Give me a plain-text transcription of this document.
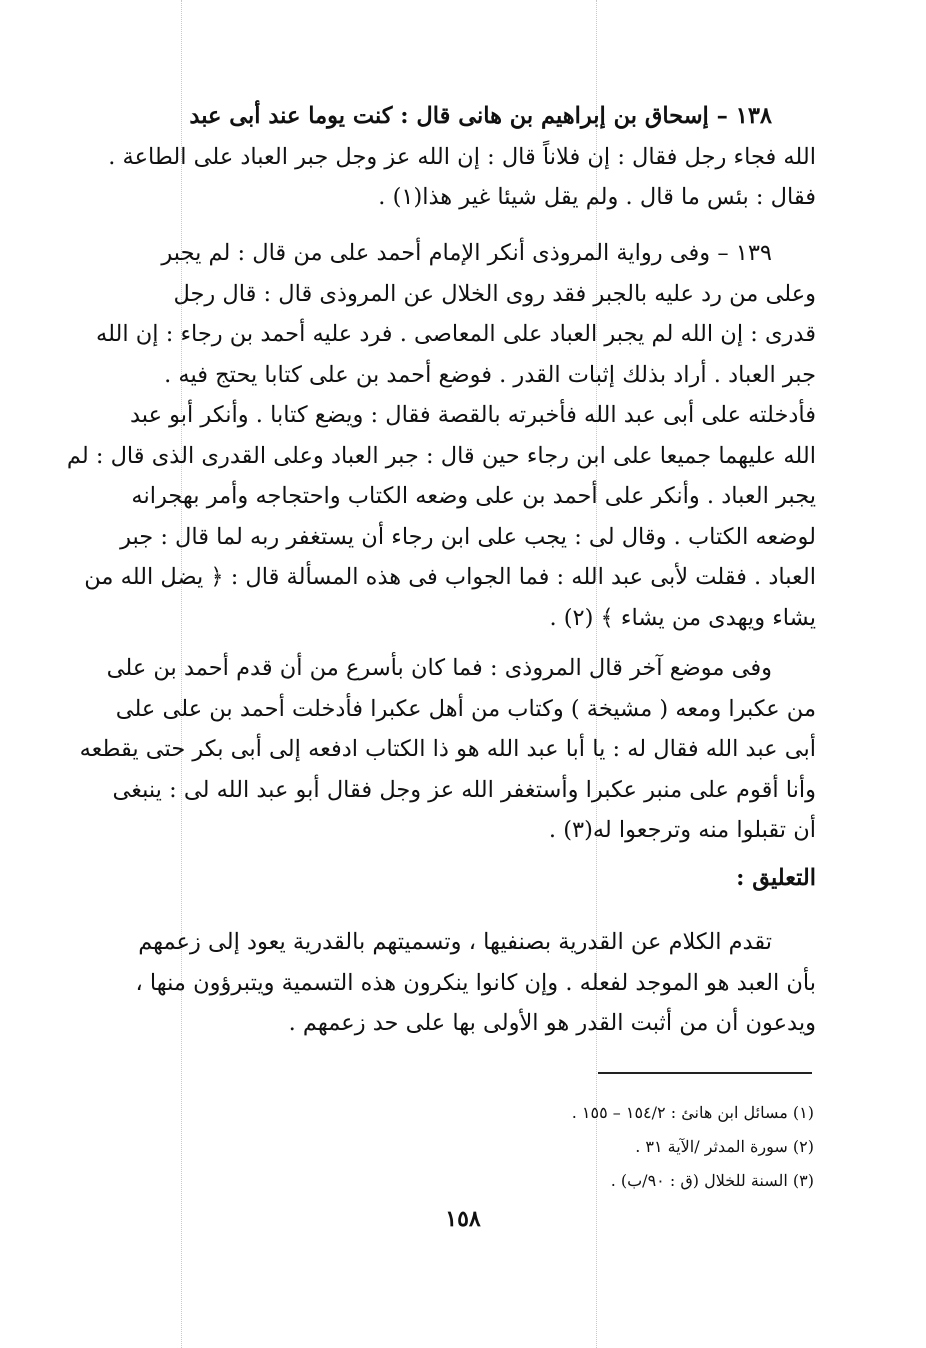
١٣٨ – إسحاق بن إبراهيم بن هانى قال : كنت يوما عند أبى عبد
الله فجاء رجل فقال : إن فلاناً قال : إن الله عز وجل جبر العباد على الطاعة .
فقال : بئس ما قال . ولم يقل شيئا غير هذا(١) .
١٣٩ – وفى رواية المروذى أنكر الإمام أحمد على من قال : لم يجبر
وعلى من رد عليه بالجبر فقد روى الخلال عن المروذى قال : قال رجل
قدرى : إن الله لم يجبر العباد على المعاصى . فرد عليه أحمد بن رجاء : إن الله
جبر العباد . أراد بذلك إثبات القدر . فوضع أحمد بن على كتابا يحتج فيه .
فأدخلته على أبى عبد الله فأخبرته بالقصة فقال : ويضع كتابا . وأنكر أبو عبد
الله عليهما جميعا على ابن رجاء حين قال : جبر العباد وعلى القدرى الذى قال : لم
يجبر العباد . وأنكر على أحمد بن على وضعه الكتاب واحتجاجه وأمر بهجرانه
لوضعه الكتاب . وقال لى : يجب على ابن رجاء أن يستغفر ربه لما قال : جبر
العباد . فقلت لأبى عبد الله : فما الجواب فى هذه المسألة قال : ﴿ يضل الله من
يشاء ويهدى من يشاء ﴾ (٢) .
وفى موضع آخر قال المروذى : فما كان بأسرع من أن قدم أحمد بن على
من عكبرا ومعه ( مشيخة ) وكتاب من أهل عكبرا فأدخلت أحمد بن على على
أبى عبد الله فقال له : يا أبا عبد الله هو ذا الكتاب ادفعه إلى أبى بكر حتى يقطعه
وأنا أقوم على منبر عكبرا وأستغفر الله عز وجل فقال أبو عبد الله لى : ينبغى
أن تقبلوا منه وترجعوا له(٣) .
التعليق :
تقدم الكلام عن القدرية بصنفيها ، وتسميتهم بالقدرية يعود إلى زعمهم
بأن العبد هو الموجد لفعله . وإن كانوا ينكرون هذه التسمية ويتبرؤون منها ،
ويدعون أن من أثبت القدر هو الأولى بها على حد زعمهم .
(١) مسائل ابن هانئ : ١٥٤/٢ – ١٥٥ .
(٢) سورة المدثر /الآية ٣١ .
(٣) السنة للخلال (ق : ٩٠/ب) .
١٥٨
